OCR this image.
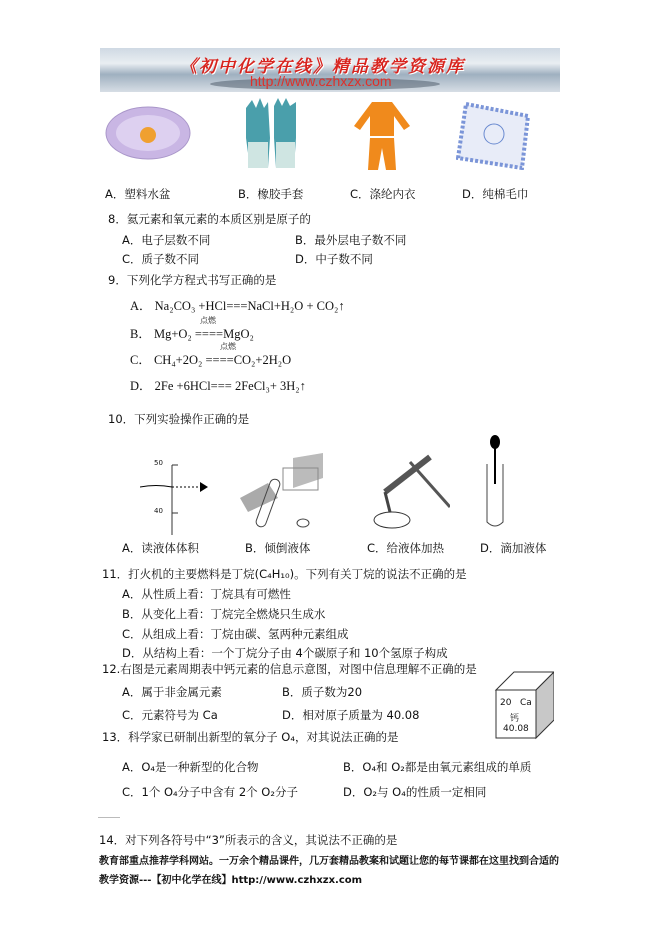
《初中化学在线》精品教学资源库
http://www.czhxzx.com
A．塑料水盆	B．橡胶手套	C．涤纶内衣	D．纯棉毛巾
8．氦元素和氧元素的本质区别是原子的
A．电子层数不同	B．最外层电子数不同
C．质子数不同	D．中子数不同
9．下列化学方程式书写正确的是
A． Na₂CO₃ +HCl===NaCl+H₂O + CO₂↑
点燃
B． Mg+O₂ ====MgO₂
点燃
C． CH₄+2O₂ ====CO₂+2H₂O
D． 2Fe +6HCl=== 2FeCl₃+ 3H₂↑
10．下列实验操作正确的是
50
40
A．读液体体积	B．倾倒液体	C．给液体加热	D．滴加液体
11．打火机的主要燃料是丁烷(C₄H₁₀)。下列有关丁烷的说法不正确的是
A．从性质上看：丁烷具有可燃性
B．从变化上看：丁烷完全燃烧只生成水
C．从组成上看：丁烷由碳、氢两种元素组成
D．从结构上看：一个丁烷分子由 4个碳原子和 10个氢原子构成
12.右图是元素周期表中钙元素的信息示意图，对图中信息理解不正确的是
A．属于非金属元素	B．质子数为20
C．元素符号为 Ca	D．相对原子质量为 40.08
20 Ca
钙
40.08
13．科学家已研制出新型的氧分子 O₄，对其说法正确的是
A．O₄是一种新型的化合物	B．O₄和 O₂都是由氧元素组成的单质
C．1个 O₄分子中含有 2个 O₂分子	D．O₂与 O₄的性质一定相同
14．对下列各符号中“3”所表示的含义，其说法不正确的是
教育部重点推荐学科网站。一万余个精品课件，几万套精品教案和试题让您的每节课都在这里找到合适的
教学资源---【初中化学在线】http://www.czhxzx.com
